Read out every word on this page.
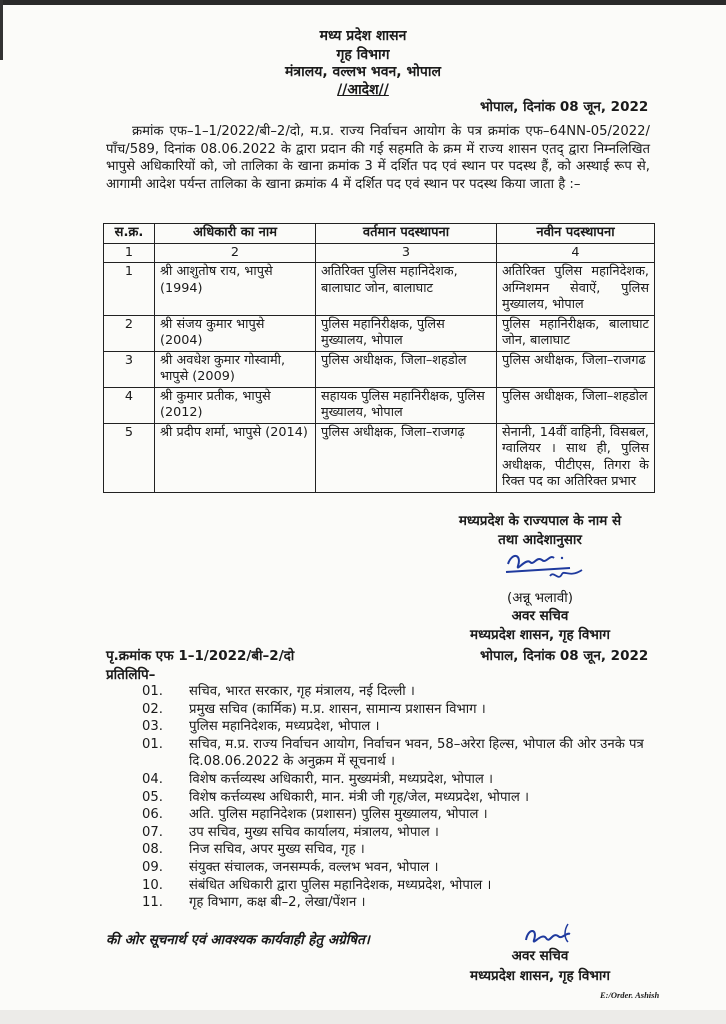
मध्य प्रदेश शासन
गृह विभाग
मंत्रालय, वल्लभ भवन, भोपाल
//आदेश//
भोपाल, दिनांक 08 जून, 2022
क्रमांक एफ–1–1/2022/बी–2/दो, म.प्र. राज्य निर्वाचन आयोग के पत्र क्रमांक एफ–64NN-05/2022/पाँच/589, दिनांक 08.06.2022 के द्वारा प्रदान की गई सहमति के क्रम में राज्य शासन एतद् द्वारा निम्नलिखित भापुसे अधिकारियों को, जो तालिका के खाना क्रमांक 3 में दर्शित पद एवं स्थान पर पदस्थ हैं, को अस्थाई रूप से, आगामी आदेश पर्यन्त तालिका के खाना क्रमांक 4 में दर्शित पद एवं स्थान पर पदस्थ किया जाता है :–
स.क्र.	अधिकारी का नाम	वर्तमान पदस्थापना	नवीन पदस्थापना
1	2	3	4
1	श्री आशुतोष राय, भापुसे (1994)	अतिरिक्त पुलिस महानिदेशक, बालाघाट जोन, बालाघाट	अतिरिक्त पुलिस महानिदेशक, अग्निशमन सेवाऐं, पुलिस मुख्यालय, भोपाल
2	श्री संजय कुमार भापुसे (2004)	पुलिस महानिरीक्षक, पुलिस मुख्यालय, भोपाल	पुलिस महानिरीक्षक, बालाघाट जोन, बालाघाट
3	श्री अवधेश कुमार गोस्वामी, भापुसे (2009)	पुलिस अधीक्षक, जिला–शहडोल	पुलिस अधीक्षक, जिला–राजगढ
4	श्री कुमार प्रतीक, भापुसे (2012)	सहायक पुलिस महानिरीक्षक, पुलिस मुख्यालय, भोपाल	पुलिस अधीक्षक, जिला–शहडोल
5	श्री प्रदीप शर्मा, भापुसे (2014)	पुलिस अधीक्षक, जिला–राजगढ़	सेनानी, 14वीं वाहिनी, विसबल, ग्वालियर । साथ ही, पुलिस अधीक्षक, पीटीएस, तिगरा के रिक्त पद का अतिरिक्त प्रभार
मध्यप्रदेश के राज्यपाल के नाम से
तथा आदेशानुसार
(अन्नू भलावी)
अवर सचिव
मध्यप्रदेश शासन, गृह विभाग
पृ.क्रमांक एफ 1–1/2022/बी–2/दो	भोपाल, दिनांक 08 जून, 2022
प्रतिलिपि–
01.	सचिव, भारत सरकार, गृह मंत्रालय, नई दिल्ली ।
02.	प्रमुख सचिव (कार्मिक) म.प्र. शासन, सामान्य प्रशासन विभाग ।
03.	पुलिस महानिदेशक, मध्यप्रदेश, भोपाल ।
01.	सचिव, म.प्र. राज्य निर्वाचन आयोग, निर्वाचन भवन, 58–अरेरा हिल्स, भोपाल की ओर उनके पत्र दि.08.06.2022 के अनुक्रम में सूचनार्थ ।
04.	विशेष कर्त्तव्यस्थ अधिकारी, मान. मुख्यमंत्री, मध्यप्रदेश, भोपाल ।
05.	विशेष कर्त्तव्यस्थ अधिकारी, मान. मंत्री जी गृह/जेल, मध्यप्रदेश, भोपाल ।
06.	अति. पुलिस महानिदेशक (प्रशासन) पुलिस मुख्यालय, भोपाल ।
07.	उप सचिव, मुख्य सचिव कार्यालय, मंत्रालय, भोपाल ।
08.	निज सचिव, अपर मुख्य सचिव, गृह ।
09.	संयुक्त संचालक, जनसम्पर्क, वल्लभ भवन, भोपाल ।
10.	संबंधित अधिकारी द्वारा पुलिस महानिदेशक, मध्यप्रदेश, भोपाल ।
11.	गृह विभाग, कक्ष बी–2, लेखा/पेंशन ।
की ओर सूचनार्थ एवं आवश्यक कार्यवाही हेतु अग्रेषित।
अवर सचिव
मध्यप्रदेश शासन, गृह विभाग
E:/Order. Ashish
